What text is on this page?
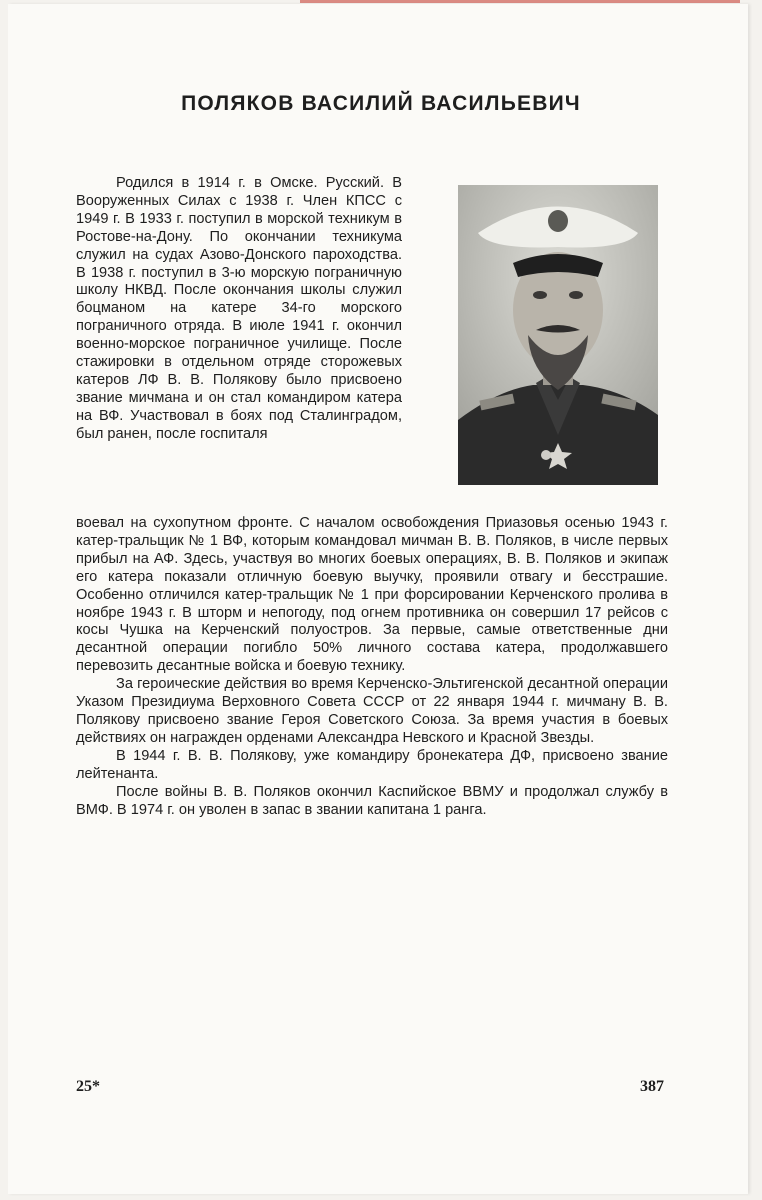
ПОЛЯКОВ ВАСИЛИЙ ВАСИЛЬЕВИЧ

Родился в 1914 г. в Омске. Русский. В Вооруженных Силах с 1938 г. Член КПСС с 1949 г. В 1933 г. поступил в морской техникум в Ростове-на-Дону. По окончании техникума служил на судах Азово-Донского пароходства. В 1938 г. поступил в 3-ю морскую пограничную школу НКВД. После окончания школы служил боцманом на катере 34-го морского пограничного отряда. В июле 1941 г. окончил военно-морское пограничное училище. После стажировки в отдельном отряде сторожевых катеров ЛФ В. В. Полякову было присвоено звание мичмана и он стал командиром катера на ВФ. Участвовал в боях под Сталинградом, был ранен, после госпиталя

воевал на сухопутном фронте. С началом освобождения Приазовья осенью 1943 г. катер-тральщик № 1 ВФ, которым командовал мичман В. В. Поляков, в числе первых прибыл на АФ. Здесь, участвуя во многих боевых операциях, В. В. Поляков и экипаж его катера показали отличную боевую выучку, проявили отвагу и бесстрашие. Особенно отличился катер-тральщик № 1 при форсировании Керченского пролива в ноябре 1943 г. В шторм и непогоду, под огнем противника он совершил 17 рейсов с косы Чушка на Керченский полуостров. За первые, самые ответственные дни десантной операции погибло 50% личного состава катера, продолжавшего перевозить десантные войска и боевую технику.

За героические действия во время Керченско-Эльтигенской десантной операции Указом Президиума Верховного Совета СССР от 22 января 1944 г. мичману В. В. Полякову присвоено звание Героя Советского Союза. За время участия в боевых действиях он награжден орденами Александра Невского и Красной Звезды.

В 1944 г. В. В. Полякову, уже командиру бронекатера ДФ, присвоено звание лейтенанта.

После войны В. В. Поляков окончил Каспийское ВВМУ и продолжал службу в ВМФ. В 1974 г. он уволен в запас в звании капитана 1 ранга.

25*	387
